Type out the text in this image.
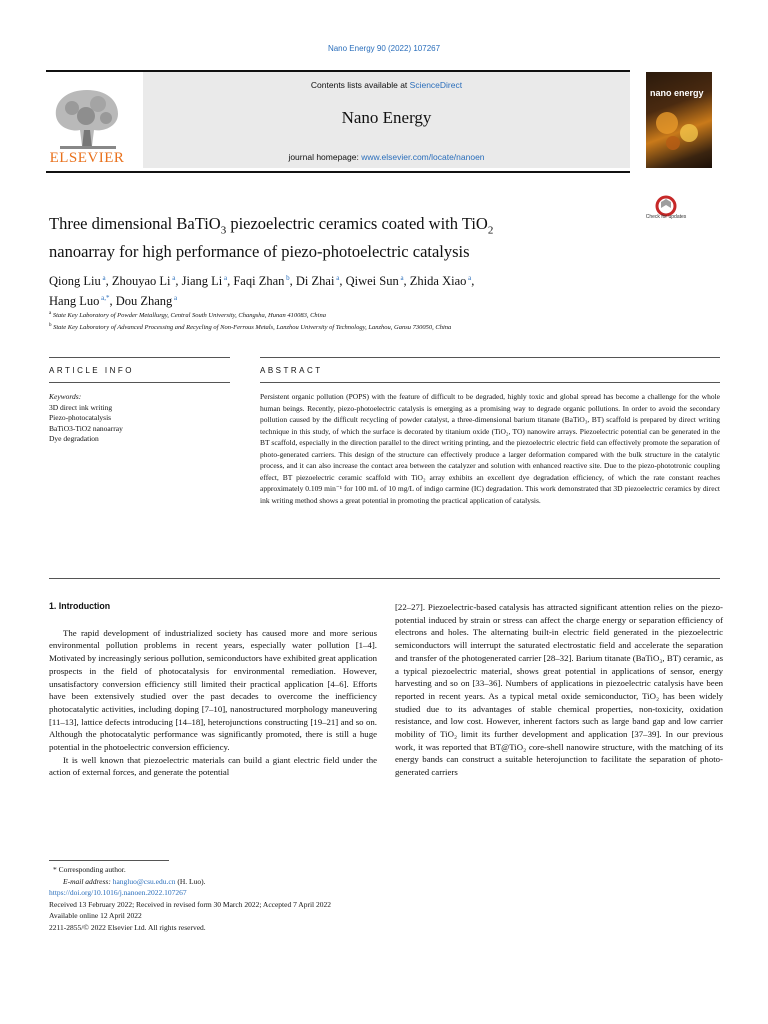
Nano Energy 90 (2022) 107267
ELSEVIER
Contents lists available at ScienceDirect
Nano Energy
journal homepage: www.elsevier.com/locate/nanoen
nano energy
Check for updates
Three dimensional BaTiO$_3$ piezoelectric ceramics coated with TiO$_2$
nanoarray for high performance of piezo-photoelectric catalysis
Qiong Liu $^a$, Zhouyao Li $^a$, Jiang Li $^a$, Faqi Zhan $^b$, Di Zhai $^a$, Qiwei Sun $^a$, Zhida Xiao $^a$,
Hang Luo $^{a,*}$, Dou Zhang $^a$
$^a$ State Key Laboratory of Powder Metallurgy, Central South University, Changsha, Hunan 410083, China
$^b$ State Key Laboratory of Advanced Processing and Recycling of Non-Ferrous Metals, Lanzhou University of Technology, Lanzhou, Gansu 730050, China
ARTICLE INFO	ABSTRACT
Keywords:
3D direct ink writing
Piezo-photocatalysis
BaTiO3-TiO2 nanoarray
Dye degradation
Persistent organic pollution (POPS) with the feature of difficult to be degraded, highly toxic and global spread has become a challenge for the whole human beings. Recently, piezo-photoelectric catalysis is emerging as a promising way to degrade organic pollutions. In order to avoid the secondary pollution caused by the difficult recycling of powder catalyst, a three-dimensional barium titanate (BaTiO₃, BT) scaffold is prepared by direct writing technique in this study, of which the surface is decorated by titanium oxide (TiO₂, TO) nanowire arrays. Piezoelectric potential can be generated in the BT scaffold, especially in the direction parallel to the direct writing printing, and the piezoelectric electric field can effectively promote the separation of photo-generated carriers. This design of the structure can effectively produce a larger deformation compared with the bulk structure in the catalytic process, and it can also increase the contact area between the catalyzer and solution with enhanced reactive site. Due to the piezo-phototronic coupling effect, BT piezoelectric ceramic scaffold with TiO₂ array exhibits an excellent dye degradation efficiency, of which the rate constant reaches approximately 0.109 min⁻¹ for 100 mL of 10 mg/L of indigo carmine (IC) degradation. This work demonstrated that 3D piezoelectric ceramics by direct ink writing method shows a great potential in promoting the practical application of catalysis.

1. Introduction

The rapid development of industrialized society has caused more and more serious environmental pollution problems in recent years, especially water pollution [1–4]. Motivated by increasingly serious pollution, semiconductors have exhibited great application prospects in the field of photocatalysis for environmental remediation. However, unsatisfactory conversion efficiency still limited their practical application [4–6]. Efforts have been extensively studied over the past decades to overcome the inefficiency photocatalytic activities, including doping [7–10], nanostructured morphology maneuvering [11–13], lattice defects introducing [14–18], heterojunctions constructing [19–21] and so on. Although the photocatalytic performance was significantly promoted, there is still a huge potential in the photoelectric conversion efficiency.

It is well known that piezoelectric materials can build a giant electric field under the action of external forces, and generate the potential

[22–27]. Piezoelectric-based catalysis has attracted significant attention relies on the piezo-potential induced by strain or stress can affect the charge energy or separation efficiency of electrons and holes. The alternating built-in electric field generated in the piezoelectric semiconductors will interrupt the saturated electrostatic field and accelerate the separation and transfer of the photogenerated carrier [28–32]. Barium titanate (BaTiO₃, BT) ceramic, as a typical piezoelectric material, shows great potential in applications of sensor, energy harvesting and so on [33–36]. Numbers of applications in piezoelectric catalysis have been reported in recent years. As a typical metal oxide semiconductor, TiO₂ has been widely studied due to its advantages of stable chemical properties, non-toxicity, oxidation resistance, and low cost. However, inherent factors such as large band gap and low carrier mobility of TiO₂ limit its further development and application [37–39]. In our previous work, it was reported that BT@TiO₂ core-shell nanowire structure, with the matching of its energy bands can construct a suitable heterojunction to facilitate the separation of photo-generated carriers

* Corresponding author.
E-mail address: hangluo@csu.edu.cn (H. Luo).
https://doi.org/10.1016/j.nanoen.2022.107267
Received 13 February 2022; Received in revised form 30 March 2022; Accepted 7 April 2022
Available online 12 April 2022
2211-2855/© 2022 Elsevier Ltd. All rights reserved.
